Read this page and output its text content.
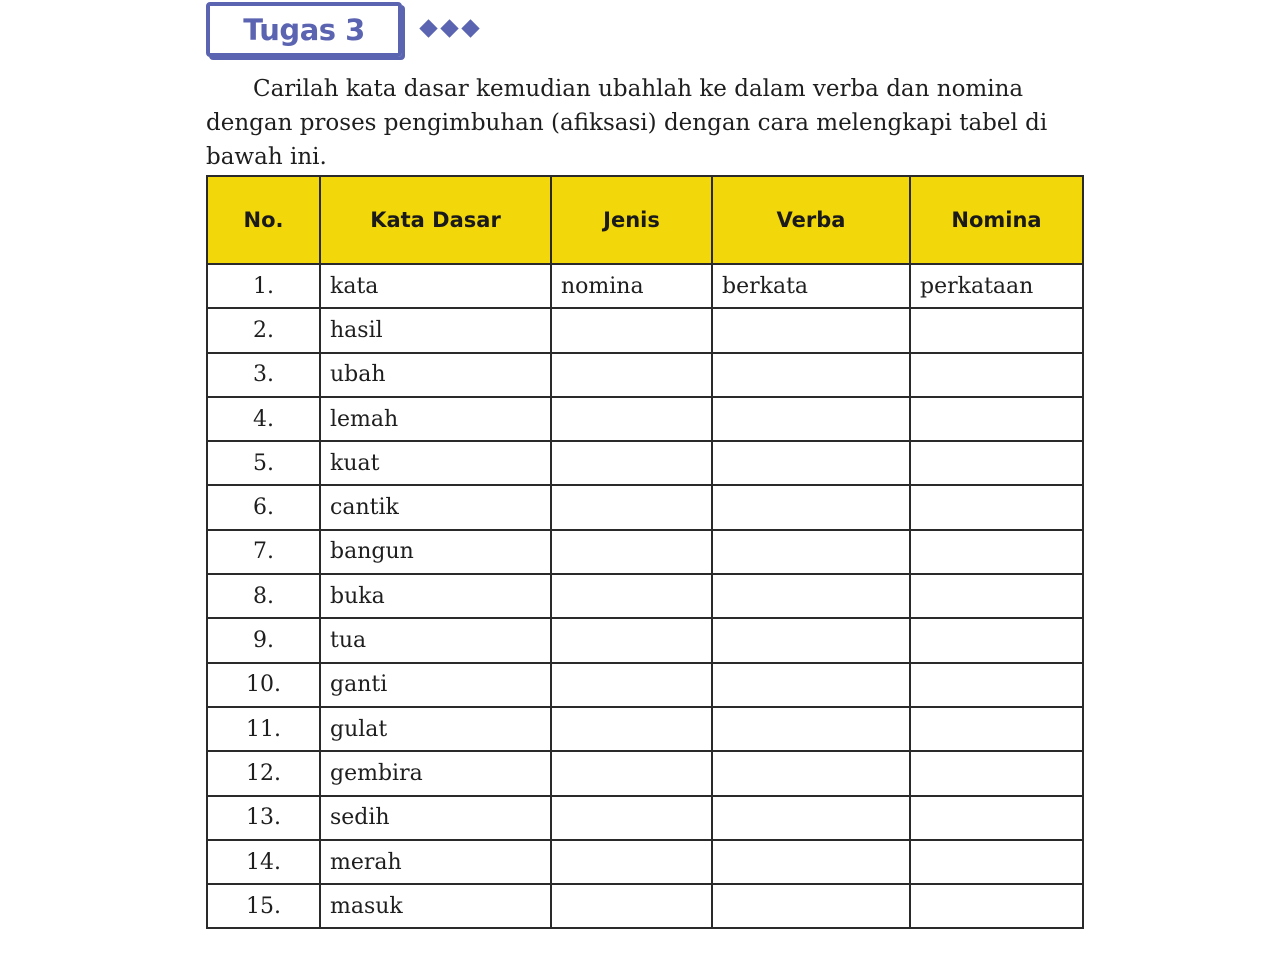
Tugas 3

Carilah kata dasar kemudian ubahlah ke dalam verba dan nomina dengan proses pengimbuhan (afiksasi) dengan cara melengkapi tabel di bawah ini.

No.	Kata Dasar	Jenis	Verba	Nomina
1.	kata	nomina	berkata	perkataan
2.	hasil			
3.	ubah			
4.	lemah			
5.	kuat			
6.	cantik			
7.	bangun			
8.	buka			
9.	tua			
10.	ganti			
11.	gulat			
12.	gembira			
13.	sedih			
14.	merah			
15.	masuk			
